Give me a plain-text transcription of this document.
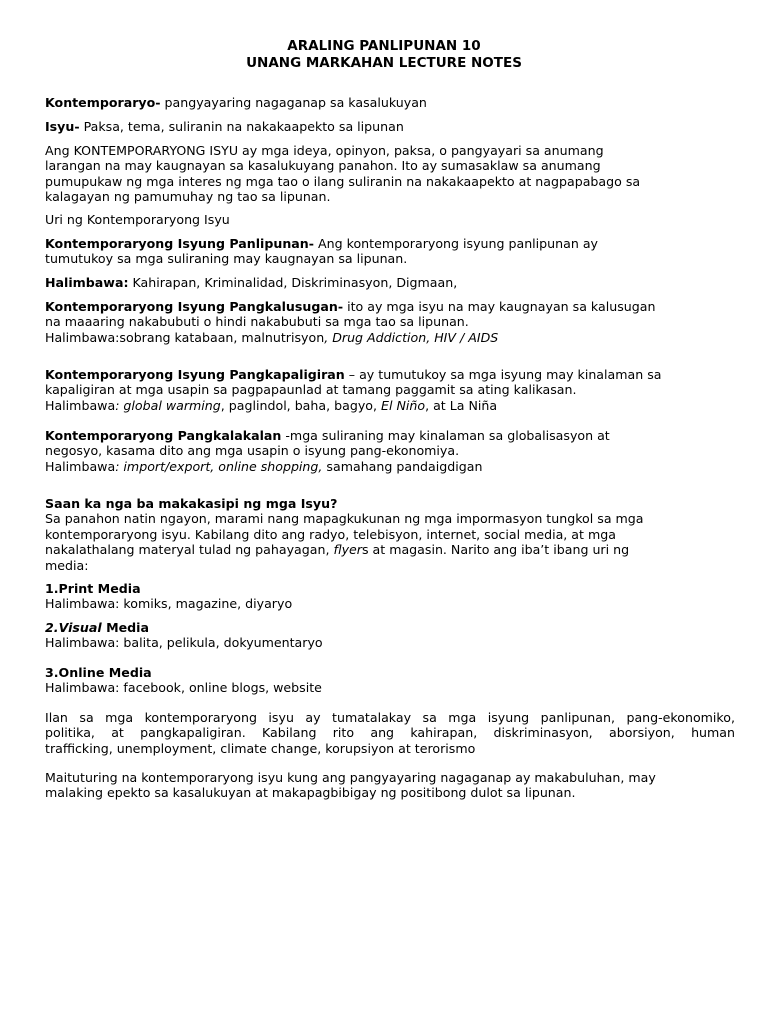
ARALING PANLIPUNAN 10
UNANG MARKAHAN LECTURE NOTES
Kontemporaryo- pangyayaring nagaganap sa kasalukuyan
Isyu- Paksa, tema, suliranin na nakakaapekto sa lipunan
Ang KONTEMPORARYONG ISYU ay mga ideya, opinyon, paksa, o pangyayari sa anumang
larangan na may kaugnayan sa kasalukuyang panahon. Ito ay sumasaklaw sa anumang
pumupukaw ng mga interes ng mga tao o ilang suliranin na nakakaapekto at nagpapabago sa
kalagayan ng pamumuhay ng tao sa lipunan.
Uri ng Kontemporaryong Isyu
Kontemporaryong Isyung Panlipunan- Ang kontemporaryong isyung panlipunan ay
tumutukoy sa mga suliraning may kaugnayan sa lipunan.
Halimbawa: Kahirapan, Kriminalidad, Diskriminasyon, Digmaan,
Kontemporaryong Isyung Pangkalusugan- ito ay mga isyu na may kaugnayan sa kalusugan
na maaaring nakabubuti o hindi nakabubuti sa mga tao sa lipunan.
Halimbawa:sobrang katabaan, malnutrisyon, Drug Addiction, HIV / AIDS
Kontemporaryong Isyung Pangkapaligiran – ay tumutukoy sa mga isyung may kinalaman sa
kapaligiran at mga usapin sa pagpapaunlad at tamang paggamit sa ating kalikasan.
Halimbawa: global warming, paglindol, baha, bagyo, El Niño, at La Niña
Kontemporaryong Pangkalakalan -mga suliraning may kinalaman sa globalisasyon at
negosyo, kasama dito ang mga usapin o isyung pang-ekonomiya.
Halimbawa: import/export, online shopping, samahang pandaigdigan
Saan ka nga ba makakasipi ng mga Isyu?
Sa panahon natin ngayon, marami nang mapagkukunan ng mga impormasyon tungkol sa mga
kontemporaryong isyu. Kabilang dito ang radyo, telebisyon, internet, social media, at mga
nakalathalang materyal tulad ng pahayagan, flyers at magasin. Narito ang iba’t ibang uri ng
media:
1.Print Media
Halimbawa: komiks, magazine, diyaryo
2.Visual Media
Halimbawa: balita, pelikula, dokyumentaryo
3.Online Media
Halimbawa: facebook, online blogs, website
Ilan sa mga kontemporaryong isyu ay tumatalakay sa mga isyung panlipunan, pang-ekonomiko,
politika, at pangkapaligiran. Kabilang rito ang kahirapan, diskriminasyon, aborsiyon, human
trafficking, unemployment, climate change, korupsiyon at terorismo
Maituturing na kontemporaryong isyu kung ang pangyayaring nagaganap ay makabuluhan, may
malaking epekto sa kasalukuyan at makapagbibigay ng positibong dulot sa lipunan.
